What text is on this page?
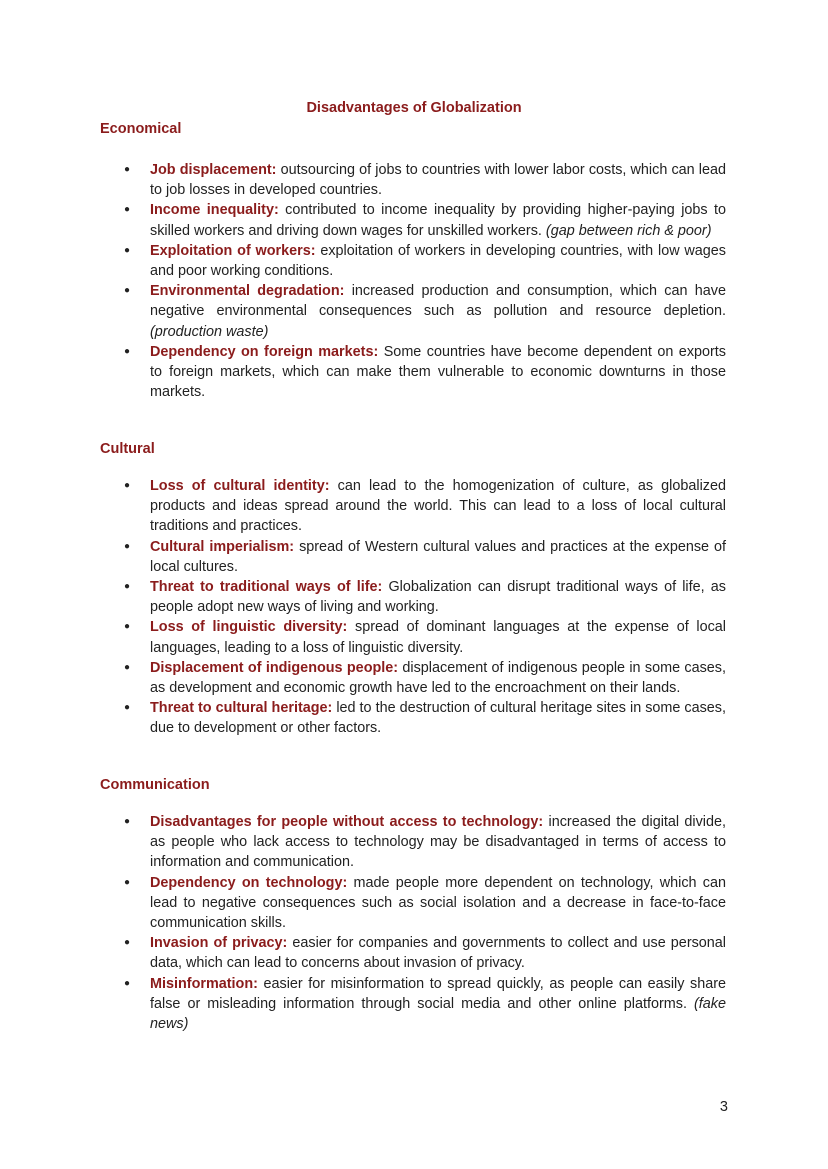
Disadvantages of Globalization
Economical
● Job displacement: outsourcing of jobs to countries with lower labor costs, which can lead to job losses in developed countries.
● Income inequality: contributed to income inequality by providing higher-paying jobs to skilled workers and driving down wages for unskilled workers. (gap between rich & poor)
● Exploitation of workers: exploitation of workers in developing countries, with low wages and poor working conditions.
● Environmental degradation: increased production and consumption, which can have negative environmental consequences such as pollution and resource depletion. (production waste)
● Dependency on foreign markets: Some countries have become dependent on exports to foreign markets, which can make them vulnerable to economic downturns in those markets.
Cultural
● Loss of cultural identity: can lead to the homogenization of culture, as globalized products and ideas spread around the world. This can lead to a loss of local cultural traditions and practices.
● Cultural imperialism: spread of Western cultural values and practices at the expense of local cultures.
● Threat to traditional ways of life: Globalization can disrupt traditional ways of life, as people adopt new ways of living and working.
● Loss of linguistic diversity: spread of dominant languages at the expense of local languages, leading to a loss of linguistic diversity.
● Displacement of indigenous people: displacement of indigenous people in some cases, as development and economic growth have led to the encroachment on their lands.
● Threat to cultural heritage: led to the destruction of cultural heritage sites in some cases, due to development or other factors.
Communication
● Disadvantages for people without access to technology: increased the digital divide, as people who lack access to technology may be disadvantaged in terms of access to information and communication.
● Dependency on technology: made people more dependent on technology, which can lead to negative consequences such as social isolation and a decrease in face-to-face communication skills.
● Invasion of privacy: easier for companies and governments to collect and use personal data, which can lead to concerns about invasion of privacy.
● Misinformation: easier for misinformation to spread quickly, as people can easily share false or misleading information through social media and other online platforms. (fake news)
3
